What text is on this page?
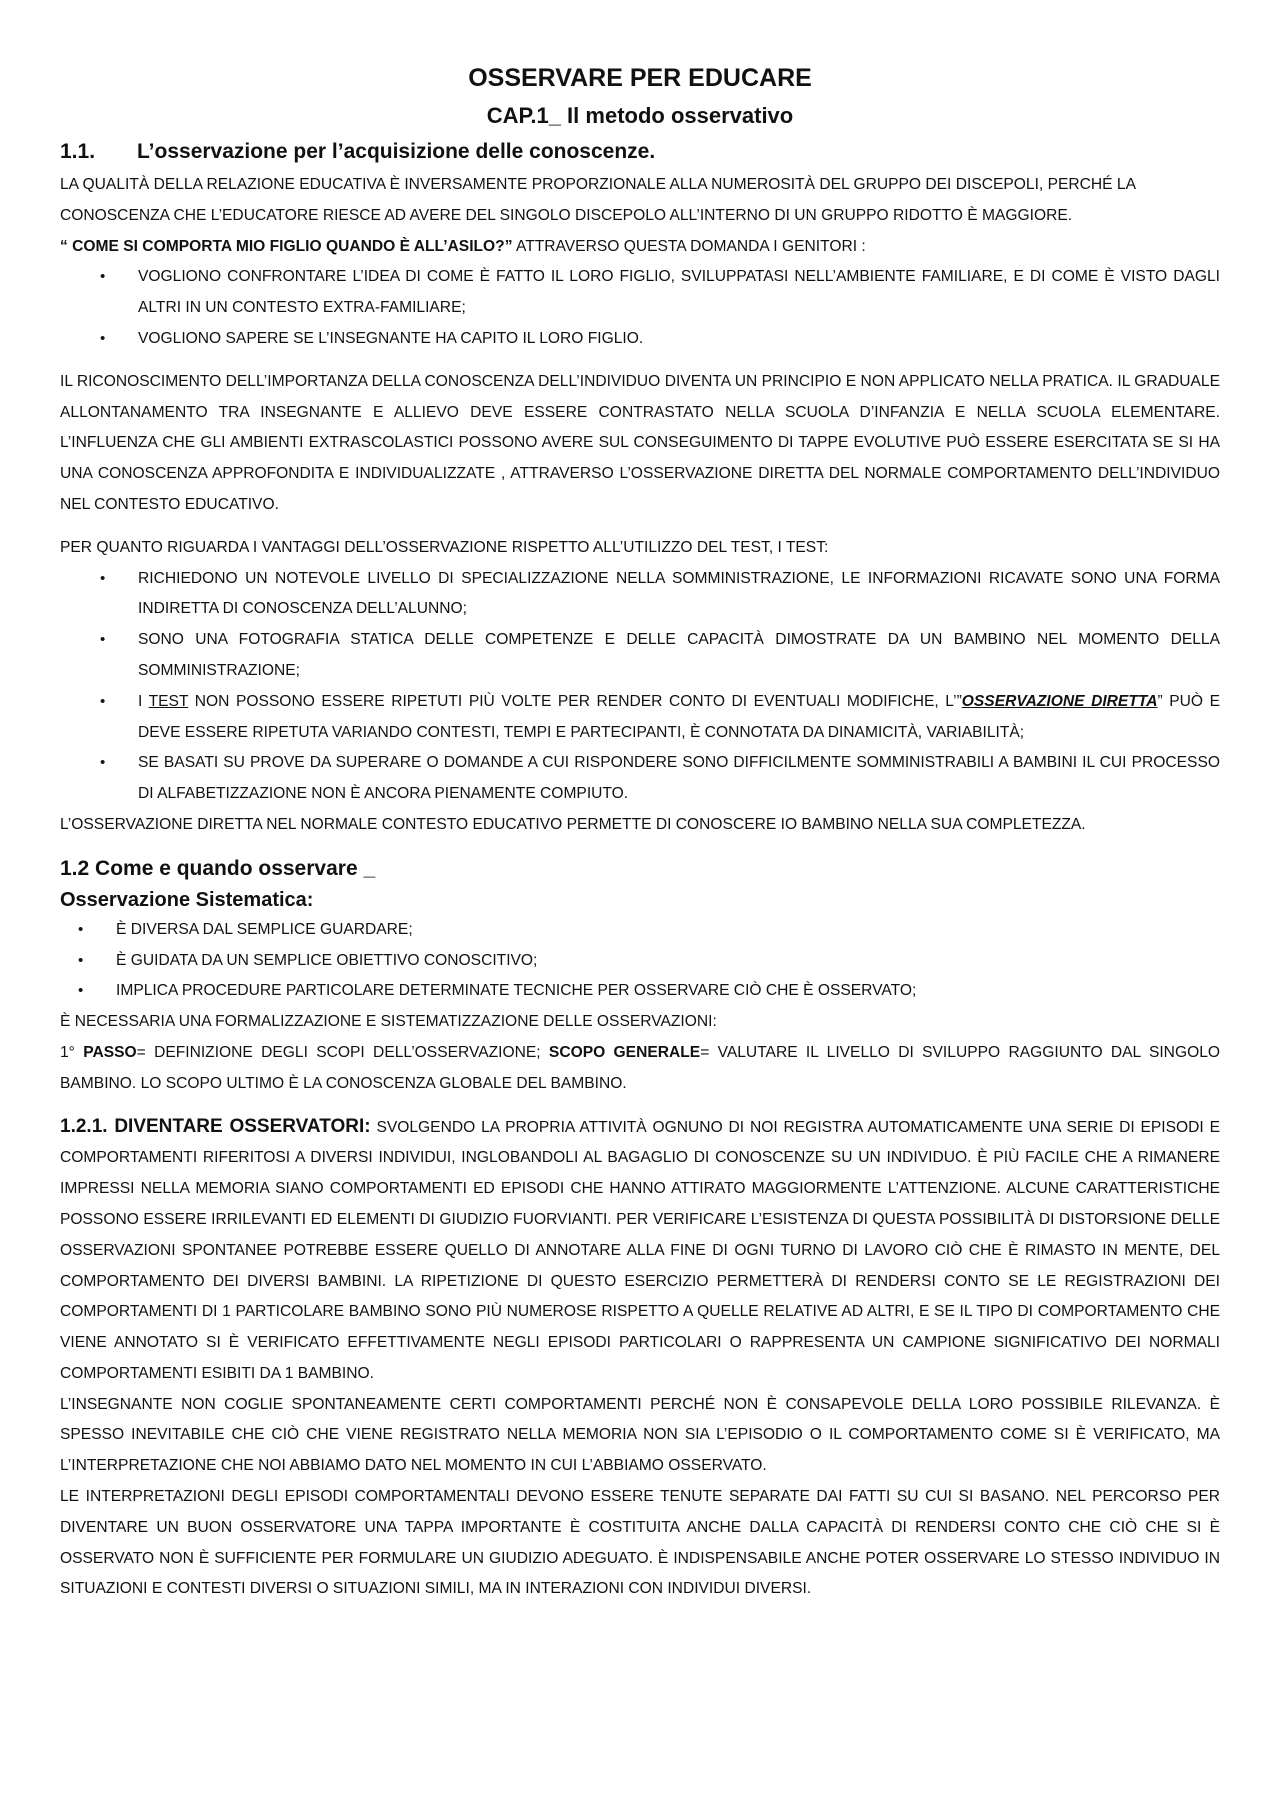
OSSERVARE PER EDUCARE
CAP.1_ Il metodo osservativo
1.1. L’osservazione per l’acquisizione delle conoscenze.

LA QUALITÀ DELLA RELAZIONE EDUCATIVA È INVERSAMENTE PROPORZIONALE ALLA NUMEROSITÀ DEL GRUPPO DEI DISCEPOLI, PERCHÉ LA CONOSCENZA CHE L’EDUCATORE RIESCE AD AVERE DEL SINGOLO DISCEPOLO ALL’INTERNO DI UN GRUPPO RIDOTTO È MAGGIORE.

“ COME SI COMPORTA MIO FIGLIO QUANDO È ALL’ASILO?” ATTRAVERSO QUESTA DOMANDA I GENITORI :

• VOGLIONO CONFRONTARE L’IDEA DI COME È FATTO IL LORO FIGLIO, SVILUPPATASI NELL’AMBIENTE FAMILIARE, E DI COME È VISTO DAGLI ALTRI IN UN CONTESTO EXTRA-FAMILIARE;
• VOGLIONO SAPERE SE L’INSEGNANTE HA CAPITO IL LORO FIGLIO.

IL RICONOSCIMENTO DELL’IMPORTANZA DELLA CONOSCENZA DELL’INDIVIDUO DIVENTA UN PRINCIPIO E NON APPLICATO NELLA PRATICA. IL GRADUALE ALLONTANAMENTO TRA INSEGNANTE E ALLIEVO DEVE ESSERE CONTRASTATO NELLA SCUOLA D’INFANZIA E NELLA SCUOLA ELEMENTARE. L’INFLUENZA CHE GLI AMBIENTI EXTRASCOLASTICI POSSONO AVERE SUL CONSEGUIMENTO DI TAPPE EVOLUTIVE PUÒ ESSERE ESERCITATA SE SI HA UNA CONOSCENZA APPROFONDITA E INDIVIDUALIZZATE , ATTRAVERSO L’OSSERVAZIONE DIRETTA DEL NORMALE COMPORTAMENTO DELL’INDIVIDUO NEL CONTESTO EDUCATIVO.

PER QUANTO RIGUARDA I VANTAGGI DELL’OSSERVAZIONE RISPETTO ALL’UTILIZZO DEL TEST, I TEST:

• RICHIEDONO UN NOTEVOLE LIVELLO DI SPECIALIZZAZIONE NELLA SOMMINISTRAZIONE, LE INFORMAZIONI RICAVATE SONO UNA FORMA INDIRETTA DI CONOSCENZA DELL’ALUNNO;
• SONO UNA FOTOGRAFIA STATICA DELLE COMPETENZE E DELLE CAPACITÀ DIMOSTRATE DA UN BAMBINO NEL MOMENTO DELLA SOMMINISTRAZIONE;
• I TEST NON POSSONO ESSERE RIPETUTI PIÙ VOLTE PER RENDER CONTO DI EVENTUALI MODIFICHE, L’”OSSERVAZIONE DIRETTA” PUÒ E DEVE ESSERE RIPETUTA VARIANDO CONTESTI, TEMPI E PARTECIPANTI, È CONNOTATA DA DINAMICITÀ, VARIABILITÀ;
• SE BASATI SU PROVE DA SUPERARE O DOMANDE A CUI RISPONDERE SONO DIFFICILMENTE SOMMINISTRABILI A BAMBINI IL CUI PROCESSO DI ALFABETIZZAZIONE NON È ANCORA PIENAMENTE COMPIUTO.

L’OSSERVAZIONE DIRETTA NEL NORMALE CONTESTO EDUCATIVO PERMETTE DI CONOSCERE IO BAMBINO NELLA SUA COMPLETEZZA.

1.2 Come e quando osservare _
Osservazione Sistematica:
• È DIVERSA DAL SEMPLICE GUARDARE;
• È GUIDATA DA UN SEMPLICE OBIETTIVO CONOSCITIVO;
• IMPLICA PROCEDURE PARTICOLARE DETERMINATE TECNICHE PER OSSERVARE CIÒ CHE È OSSERVATO;

È NECESSARIA UNA FORMALIZZAZIONE E SISTEMATIZZAZIONE DELLE OSSERVAZIONI:

1° PASSO= DEFINIZIONE DEGLI SCOPI DELL’OSSERVAZIONE; SCOPO GENERALE= VALUTARE IL LIVELLO DI SVILUPPO RAGGIUNTO DAL SINGOLO BAMBINO. LO SCOPO ULTIMO È LA CONOSCENZA GLOBALE DEL BAMBINO.

1.2.1. DIVENTARE OSSERVATORI: SVOLGENDO LA PROPRIA ATTIVITÀ OGNUNO DI NOI REGISTRA AUTOMATICAMENTE UNA SERIE DI EPISODI E COMPORTAMENTI RIFERITOSI A DIVERSI INDIVIDUI, INGLOBANDOLI AL BAGAGLIO DI CONOSCENZE SU UN INDIVIDUO. È PIÙ FACILE CHE A RIMANERE IMPRESSI NELLA MEMORIA SIANO COMPORTAMENTI ED EPISODI CHE HANNO ATTIRATO MAGGIORMENTE L’ATTENZIONE. ALCUNE CARATTERISTICHE POSSONO ESSERE IRRILEVANTI ED ELEMENTI DI GIUDIZIO FUORVIANTI. PER VERIFICARE L’ESISTENZA DI QUESTA POSSIBILITÀ DI DISTORSIONE DELLE OSSERVAZIONI SPONTANEE POTREBBE ESSERE QUELLO DI ANNOTARE ALLA FINE DI OGNI TURNO DI LAVORO CIÒ CHE È RIMASTO IN MENTE, DEL COMPORTAMENTO DEI DIVERSI BAMBINI. LA RIPETIZIONE DI QUESTO ESERCIZIO PERMETTERÀ DI RENDERSI CONTO SE LE REGISTRAZIONI DEI COMPORTAMENTI DI 1 PARTICOLARE BAMBINO SONO PIÙ NUMEROSE RISPETTO A QUELLE RELATIVE AD ALTRI, E SE IL TIPO DI COMPORTAMENTO CHE VIENE ANNOTATO SI È VERIFICATO EFFETTIVAMENTE NEGLI EPISODI PARTICOLARI O RAPPRESENTA UN CAMPIONE SIGNIFICATIVO DEI NORMALI COMPORTAMENTI ESIBITI DA 1 BAMBINO.

L’INSEGNANTE NON COGLIE SPONTANEAMENTE CERTI COMPORTAMENTI PERCHÉ NON È CONSAPEVOLE DELLA LORO POSSIBILE RILEVANZA. È SPESSO INEVITABILE CHE CIÒ CHE VIENE REGISTRATO NELLA MEMORIA NON SIA L’EPISODIO O IL COMPORTAMENTO COME SI È VERIFICATO, MA L’INTERPRETAZIONE CHE NOI ABBIAMO DATO NEL MOMENTO IN CUI L’ABBIAMO OSSERVATO.

LE INTERPRETAZIONI DEGLI EPISODI COMPORTAMENTALI DEVONO ESSERE TENUTE SEPARATE DAI FATTI SU CUI SI BASANO. NEL PERCORSO PER DIVENTARE UN BUON OSSERVATORE UNA TAPPA IMPORTANTE È COSTITUITA ANCHE DALLA CAPACITÀ DI RENDERSI CONTO CHE CIÒ CHE SI È OSSERVATO NON È SUFFICIENTE PER FORMULARE UN GIUDIZIO ADEGUATO. È INDISPENSABILE ANCHE POTER OSSERVARE LO STESSO INDIVIDUO IN SITUAZIONI E CONTESTI DIVERSI O SITUAZIONI SIMILI, MA IN INTERAZIONI CON INDIVIDUI DIVERSI.
